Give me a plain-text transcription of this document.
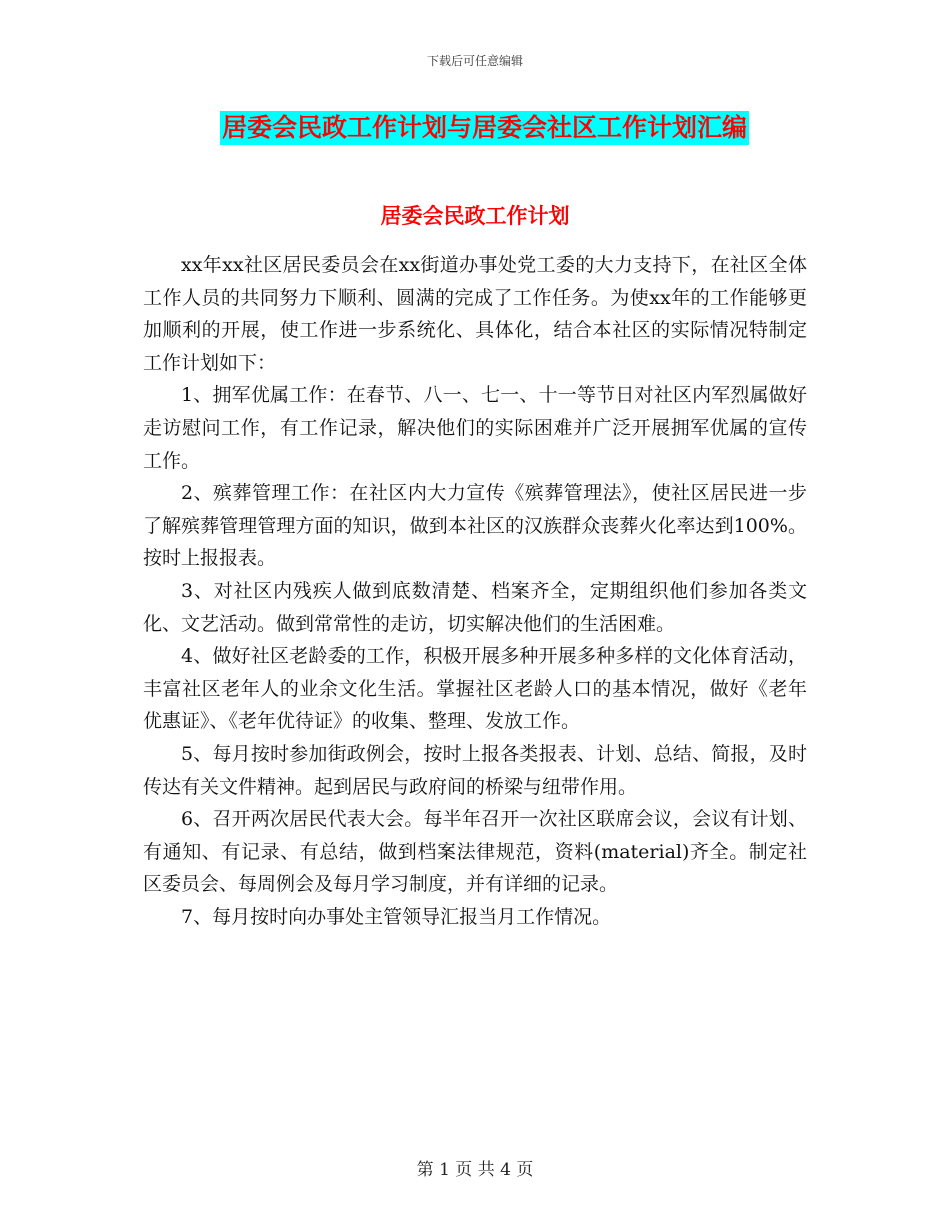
下载后可任意编辑
居委会民政工作计划与居委会社区工作计划汇编
居委会民政工作计划

xx年xx社区居民委员会在xx街道办事处党工委的大力支持下，在社区全体工作人员的共同努力下顺利、圆满的完成了工作任务。为使xx年的工作能够更加顺利的开展，使工作进一步系统化、具体化，结合本社区的实际情况特制定工作计划如下：

1、拥军优属工作：在春节、八一、七一、十一等节日对社区内军烈属做好走访慰问工作，有工作记录，解决他们的实际困难并广泛开展拥军优属的宣传工作。

2、殡葬管理工作：在社区内大力宣传《殡葬管理法》，使社区居民进一步了解殡葬管理管理方面的知识，做到本社区的汉族群众丧葬火化率达到100%。按时上报报表。

3、对社区内残疾人做到底数清楚、档案齐全，定期组织他们参加各类文化、文艺活动。做到常常性的走访，切实解决他们的生活困难。

4、做好社区老龄委的工作，积极开展多种开展多种多样的文化体育活动，丰富社区老年人的业余文化生活。掌握社区老龄人口的基本情况，做好《老年优惠证》、《老年优待证》的收集、整理、发放工作。

5、每月按时参加街政例会，按时上报各类报表、计划、总结、简报，及时传达有关文件精神。起到居民与政府间的桥梁与纽带作用。

6、召开两次居民代表大会。每半年召开一次社区联席会议，会议有计划、有通知、有记录、有总结，做到档案法律规范，资料(material)齐全。制定社区委员会、每周例会及每月学习制度，并有详细的记录。

7、每月按时向办事处主管领导汇报当月工作情况。

第 1 页 共 4 页
